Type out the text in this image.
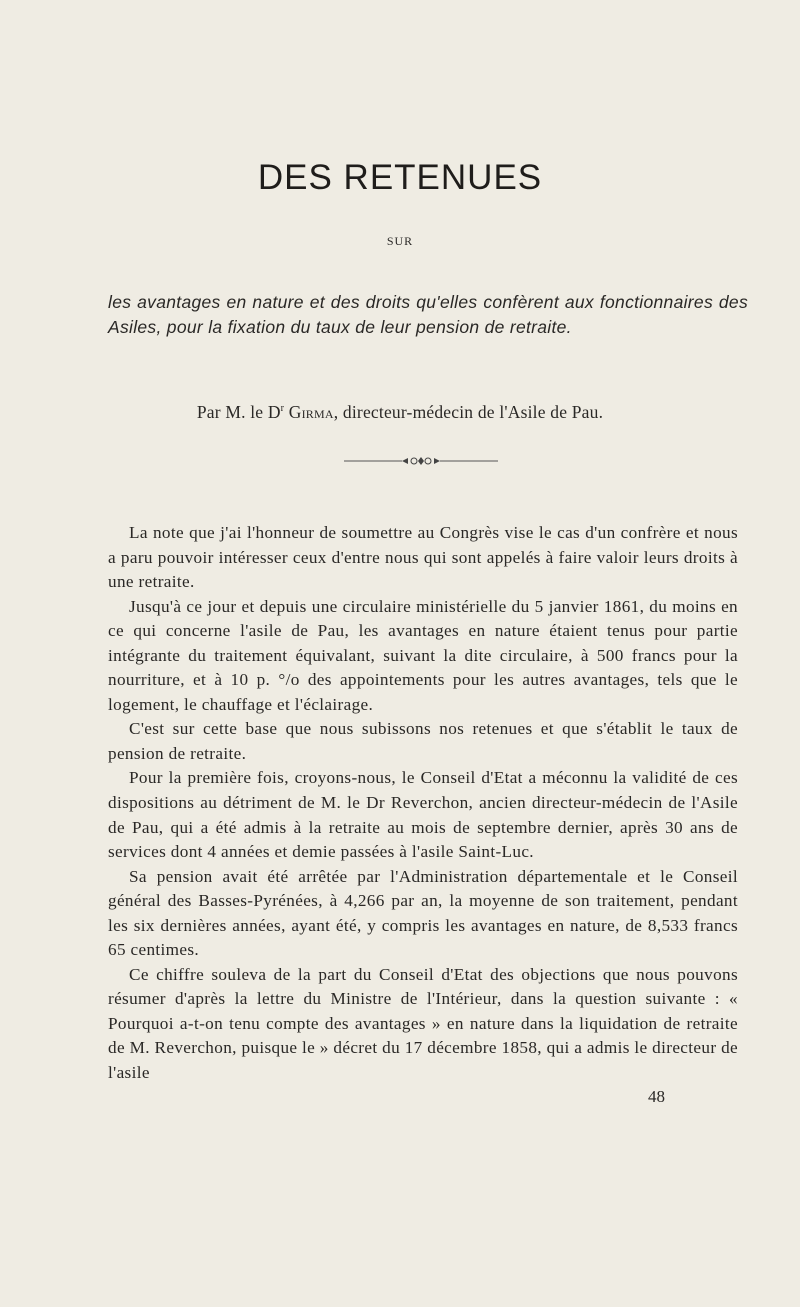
DES RETENUES
SUR
les avantages en nature et des droits qu'elles confèrent aux fonctionnaires des Asiles, pour la fixation du taux de leur pension de retraite.
Par M. le $D^r$ Girma, directeur-médecin de l'Asile de Pau.

La note que j'ai l'honneur de soumettre au Congrès vise le cas d'un confrère et nous a paru pouvoir intéresser ceux d'entre nous qui sont appelés à faire valoir leurs droits à une retraite.

Jusqu'à ce jour et depuis une circulaire ministérielle du 5 janvier 1861, du moins en ce qui concerne l'asile de Pau, les avantages en nature étaient tenus pour partie intégrante du traitement équivalant, suivant la dite circulaire, à 500 francs pour la nourriture, et à 10 p. °/o des appointements pour les autres avantages, tels que le logement, le chauffage et l'éclairage.

C'est sur cette base que nous subissons nos retenues et que s'établit le taux de pension de retraite.

Pour la première fois, croyons-nous, le Conseil d'Etat a méconnu la validité de ces dispositions au détriment de M. le Dr Reverchon, ancien directeur-médecin de l'Asile de Pau, qui a été admis à la retraite au mois de septembre dernier, après 30 ans de services dont 4 années et demie passées à l'asile Saint-Luc.

Sa pension avait été arrêtée par l'Administration départementale et le Conseil général des Basses-Pyrénées, à 4,266 par an, la moyenne de son traitement, pendant les six dernières années, ayant été, y compris les avantages en nature, de 8,533 francs 65 centimes.

Ce chiffre souleva de la part du Conseil d'Etat des objections que nous pouvons résumer d'après la lettre du Ministre de l'Intérieur, dans la question suivante : « Pourquoi a-t-on tenu compte des avantages » en nature dans la liquidation de retraite de M. Reverchon, puisque le » décret du 17 décembre 1858, qui a admis le directeur de l'asile

48
